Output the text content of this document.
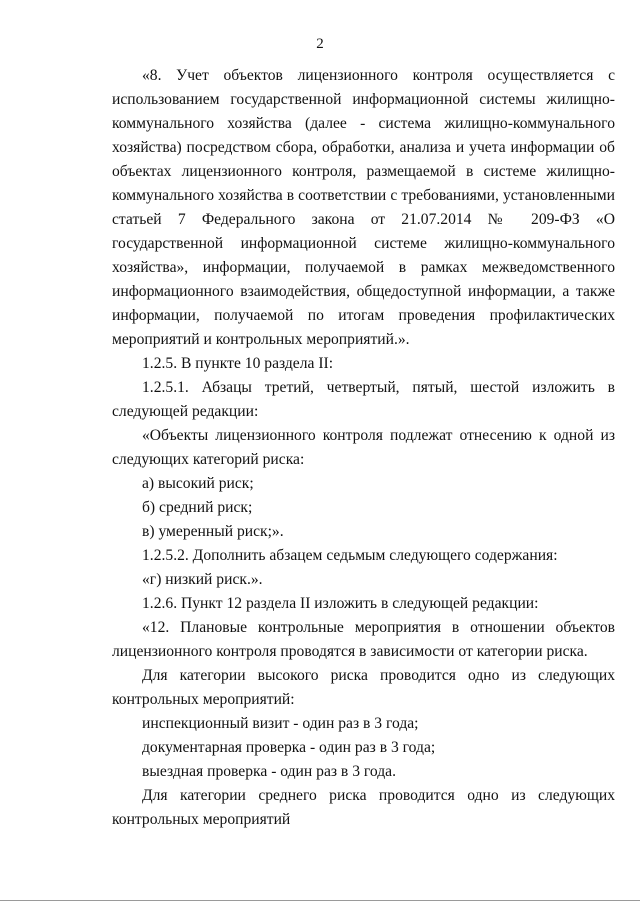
2

«8. Учет объектов лицензионного контроля осуществляется с использованием государственной информационной системы жилищно-коммунального хозяйства (далее - система жилищно-коммунального хозяйства) посредством сбора, обработки, анализа и учета информации об объектах лицензионного контроля, размещаемой в системе жилищно-коммунального хозяйства в соответствии с требованиями, установленными статьей 7 Федерального закона от 21.07.2014 № 209-ФЗ «О государственной информационной системе жилищно-коммунального хозяйства», информации, получаемой в рамках межведомственного информационного взаимодействия, общедоступной информации, а также информации, получаемой по итогам проведения профилактических мероприятий и контрольных мероприятий.».

1.2.5. В пункте 10 раздела II:

1.2.5.1. Абзацы третий, четвертый, пятый, шестой изложить в следующей редакции:

«Объекты лицензионного контроля подлежат отнесению к одной из следующих категорий риска:

а) высокий риск;

б) средний риск;

в) умеренный риск;».

1.2.5.2. Дополнить абзацем седьмым следующего содержания:

«г) низкий риск.».

1.2.6. Пункт 12 раздела II изложить в следующей редакции:

«12. Плановые контрольные мероприятия в отношении объектов лицензионного контроля проводятся в зависимости от категории риска.

Для категории высокого риска проводится одно из следующих контрольных мероприятий:

инспекционный визит - один раз в 3 года;

документарная проверка - один раз в 3 года;

выездная проверка - один раз в 3 года.

Для категории среднего риска проводится одно из следующих контрольных мероприятий
